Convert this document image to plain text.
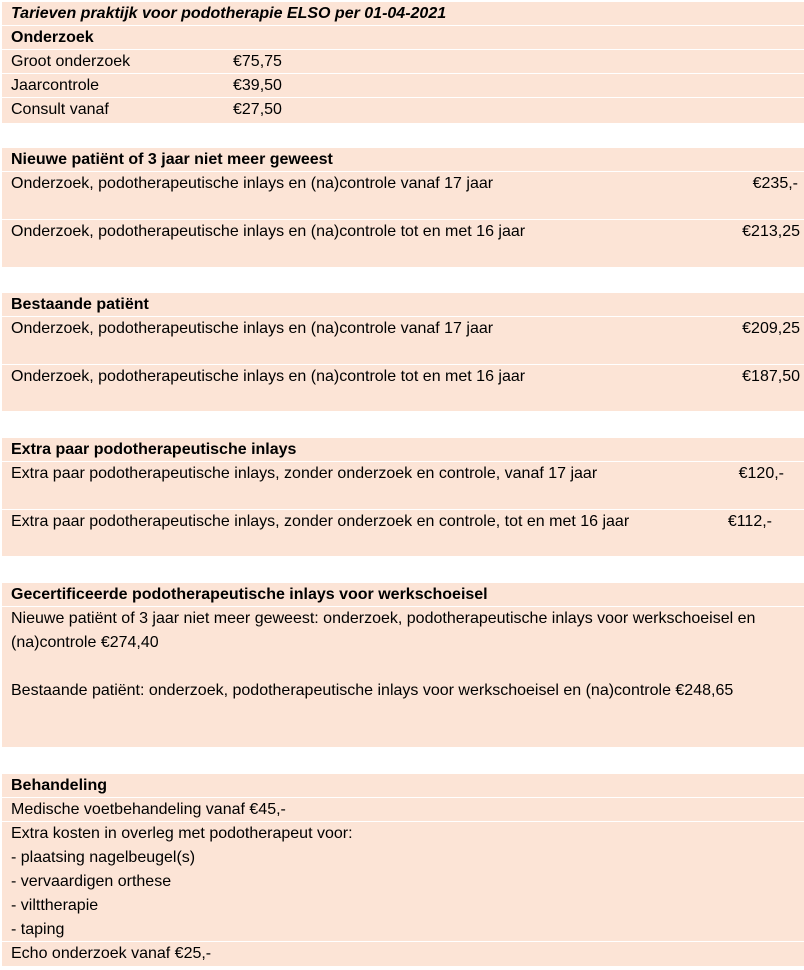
Tarieven praktijk voor podotherapie ELSO per 01-04-2021
Onderzoek
Groot onderzoek	€75,75
Jaarcontrole	€39,50
Consult vanaf	€27,50
Nieuwe patiënt of 3 jaar niet meer geweest
Onderzoek, podotherapeutische inlays en (na)controle vanaf 17 jaar	€235,-
Onderzoek, podotherapeutische inlays en (na)controle tot en met 16 jaar	€213,25
Bestaande patiënt
Onderzoek, podotherapeutische inlays en (na)controle vanaf 17 jaar	€209,25
Onderzoek, podotherapeutische inlays en (na)controle tot en met 16 jaar	€187,50
Extra paar podotherapeutische inlays
Extra paar podotherapeutische inlays, zonder onderzoek en controle, vanaf 17 jaar	€120,-
Extra paar podotherapeutische inlays, zonder onderzoek en controle, tot en met 16 jaar	€112,-
Gecertificeerde podotherapeutische inlays voor werkschoeisel
Nieuwe patiënt of 3 jaar niet meer geweest: onderzoek, podotherapeutische inlays voor werkschoeisel en (na)controle €274,40
Bestaande patiënt: onderzoek, podotherapeutische inlays voor werkschoeisel en (na)controle €248,65
Behandeling
Medische voetbehandeling vanaf €45,-
Extra kosten in overleg met podotherapeut voor:
- plaatsing nagelbeugel(s)
- vervaardigen orthese
- vilttherapie
- taping
Echo onderzoek vanaf €25,-
